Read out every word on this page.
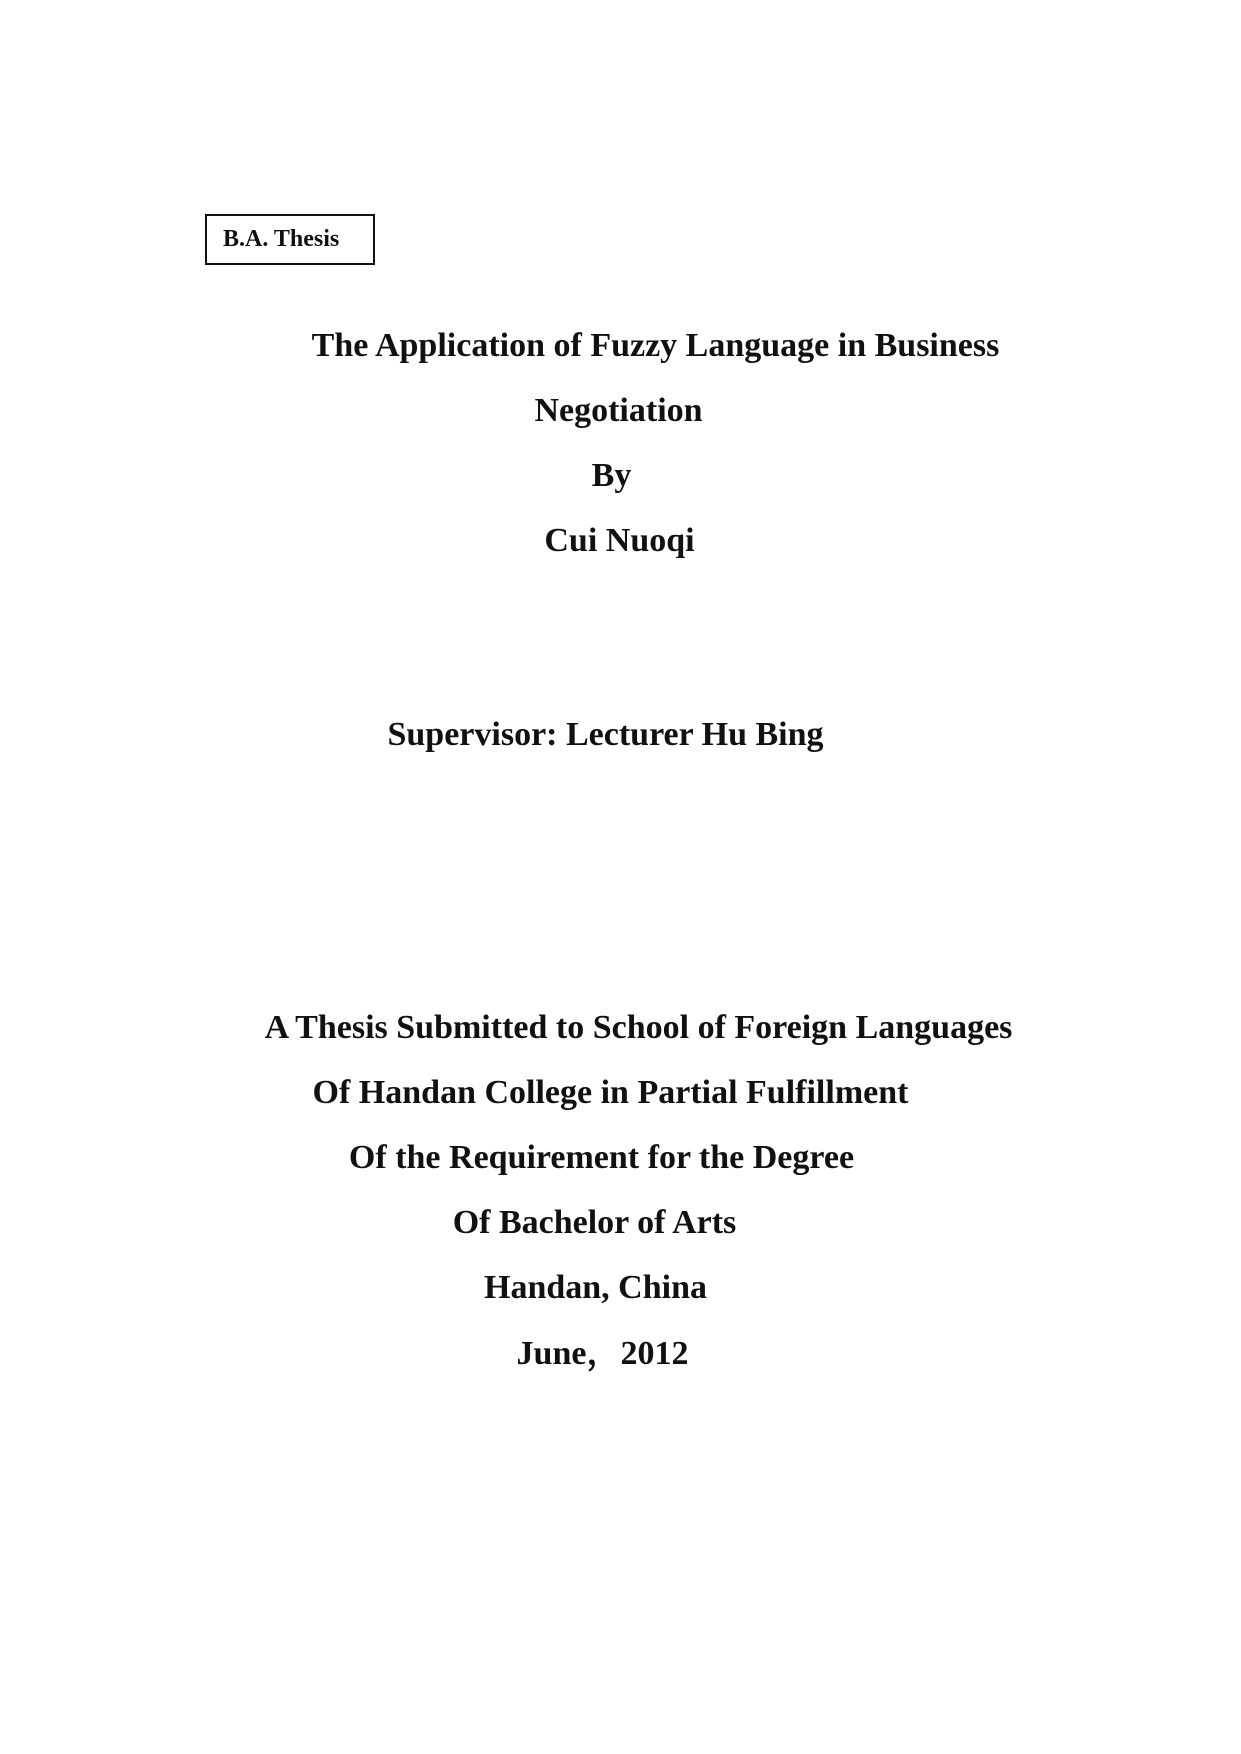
B.A. Thesis
The Application of Fuzzy Language in Business
Negotiation
By
Cui Nuoqi
Supervisor: Lecturer Hu Bing
A Thesis Submitted to School of Foreign Languages
Of Handan College in Partial Fulfillment
Of the Requirement for the Degree
Of Bachelor of Arts
Handan, China
June，2012
